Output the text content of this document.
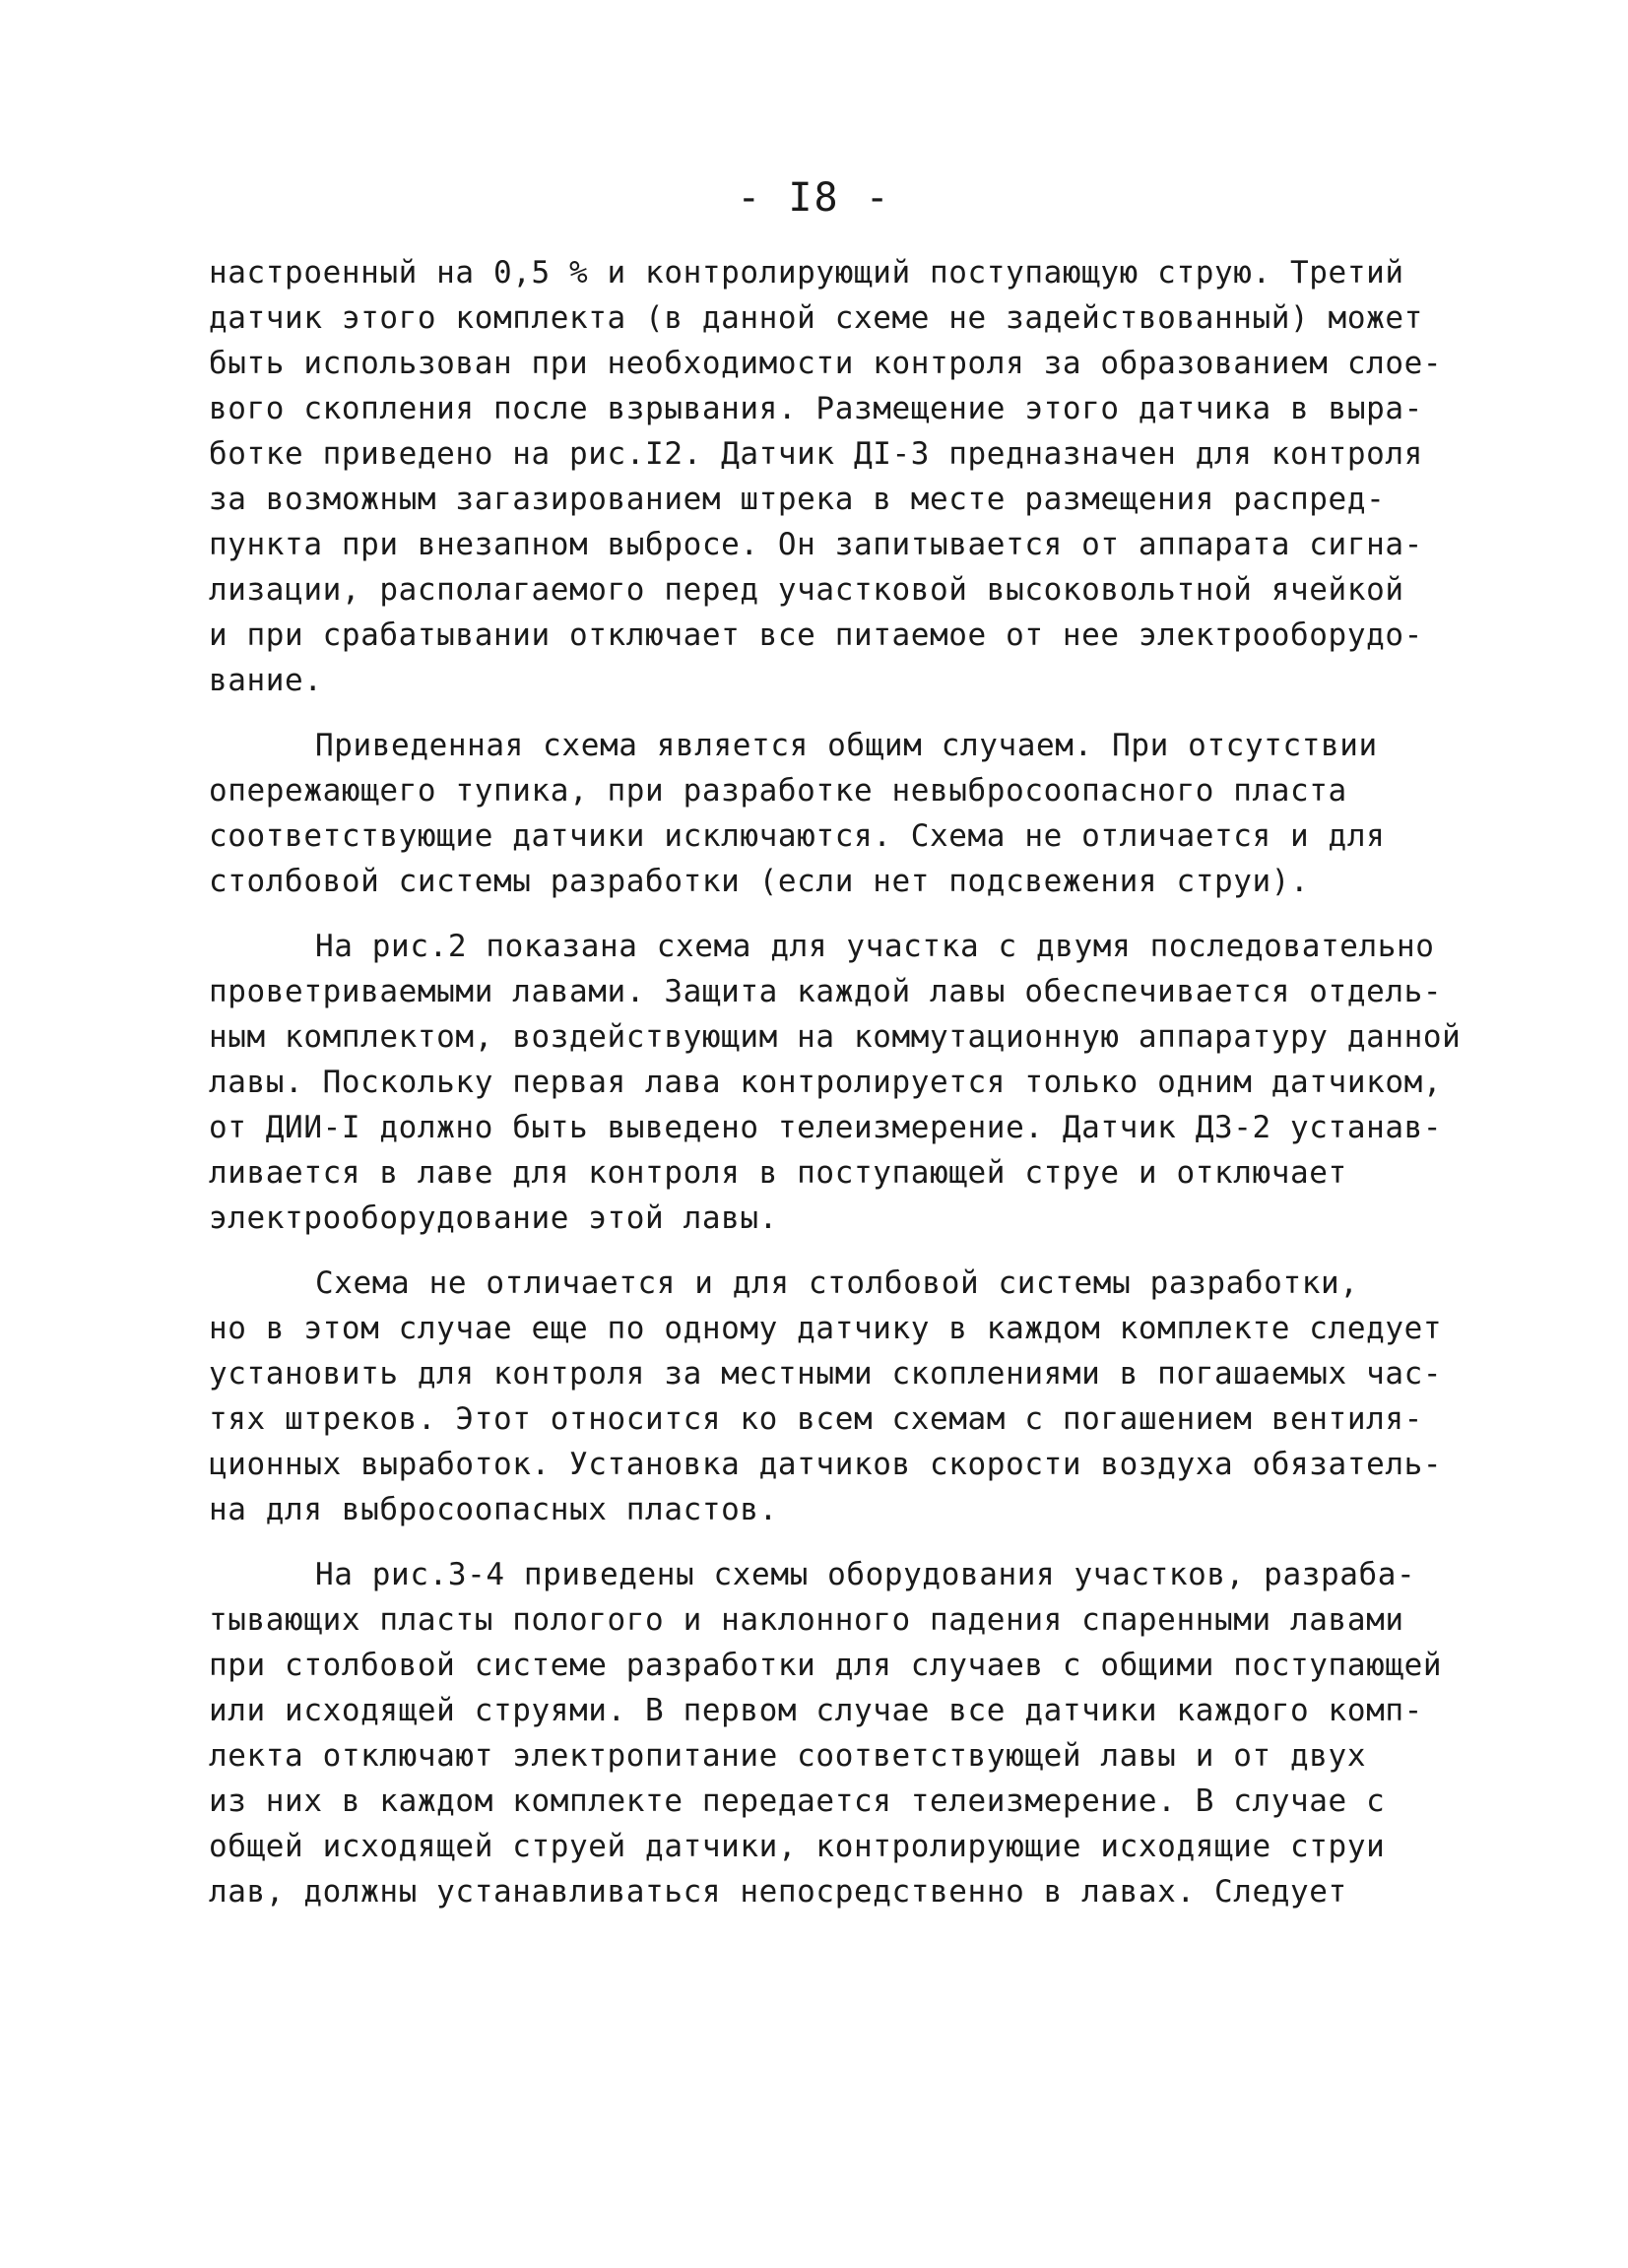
- I8 -
настроенный на 0,5 % и контролирующий поступающую струю. Третий
датчик этого комплекта (в данной схеме не задействованный) может
быть использован при необходимости контроля за образованием слое-
вого скопления после взрывания. Размещение этого датчика в выра-
ботке приведено на рис.I2. Датчик ДI-3 предназначен для контроля
за возможным загазированием штрека в месте размещения распред-
пункта при внезапном выбросе. Он запитывается от аппарата сигна-
лизации, располагаемого перед участковой высоковольтной ячейкой
и при срабатывании отключает все питаемое от нее электрооборудо-
вание.
Приведенная схема является общим случаем. При отсутствии
опережающего тупика, при разработке невыбросоопасного пласта
соответствующие датчики исключаются. Схема не отличается и для
столбовой системы разработки (если нет подсвежения струи).
На рис.2 показана схема для участка с двумя последовательно
проветриваемыми лавами. Защита каждой лавы обеспечивается отдель-
ным комплектом, воздействующим на коммутационную аппаратуру данной
лавы. Поскольку первая лава контролируется только одним датчиком,
от ДИИ-I должно быть выведено телеизмерение. Датчик ДЗ-2 устанав-
ливается в лаве для контроля в поступающей струе и отключает
электрооборудование этой лавы.
Схема не отличается и для столбовой системы разработки,
но в этом случае еще по одному датчику в каждом комплекте следует
установить для контроля за местными скоплениями в погашаемых час-
тях штреков. Этот относится ко всем схемам с погашением вентиля-
ционных выработок. Установка датчиков скорости воздуха обязатель-
на для выбросоопасных пластов.
На рис.3-4 приведены схемы оборудования участков, разраба-
тывающих пласты пологого и наклонного падения спаренными лавами
при столбовой системе разработки для случаев с общими поступающей
или исходящей струями. В первом случае все датчики каждого комп-
лекта отключают электропитание соответствующей лавы и от двух
из них в каждом комплекте передается телеизмерение. В случае с
общей исходящей струей датчики, контролирующие исходящие струи
лав, должны устанавливаться непосредственно в лавах. Следует
